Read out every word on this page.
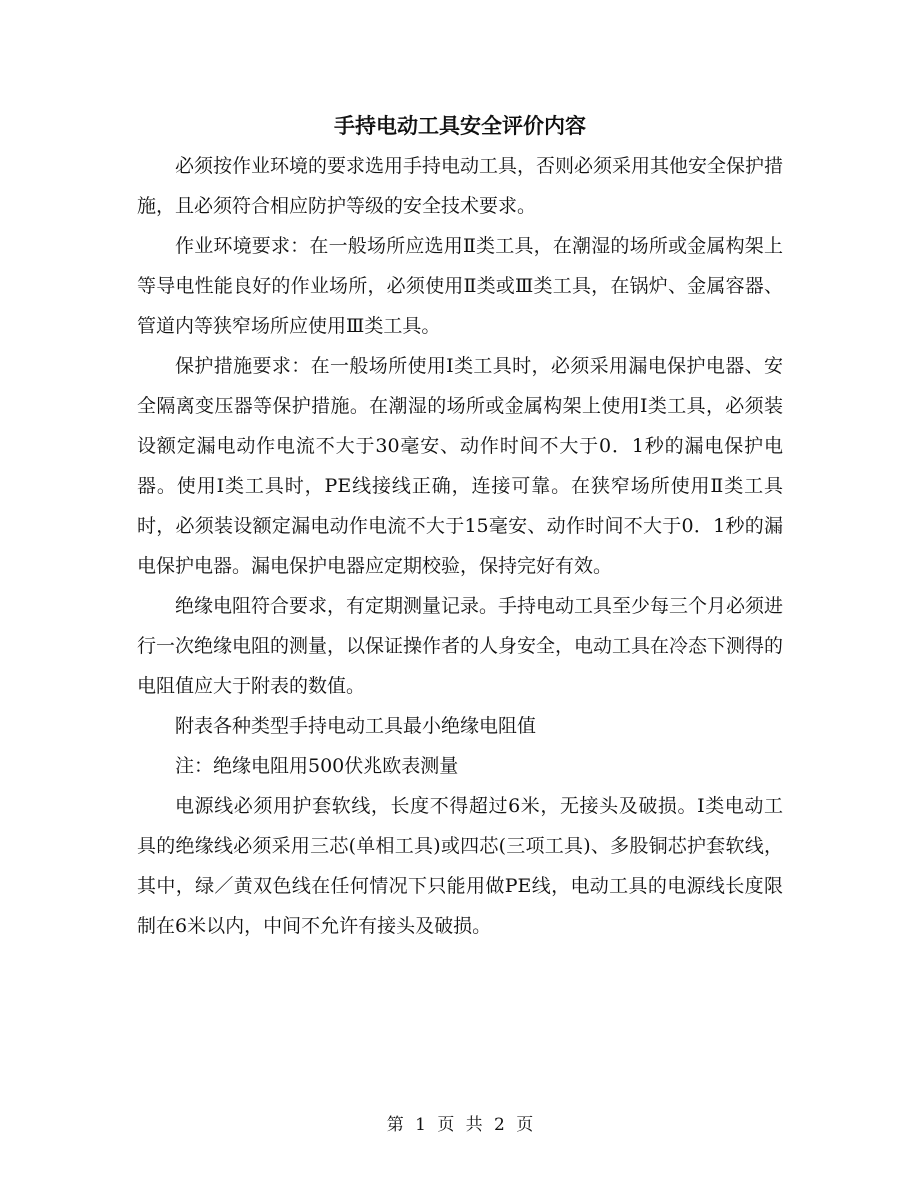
手持电动工具安全评价内容

必须按作业环境的要求选用手持电动工具，否则必须采用其他安全保护措施，且必须符合相应防护等级的安全技术要求。

作业环境要求：在一般场所应选用Ⅱ类工具，在潮湿的场所或金属构架上等导电性能良好的作业场所，必须使用Ⅱ类或Ⅲ类工具，在锅炉、金属容器、管道内等狭窄场所应使用Ⅲ类工具。

保护措施要求：在一般场所使用Ⅰ类工具时，必须采用漏电保护电器、安全隔离变压器等保护措施。在潮湿的场所或金属构架上使用Ⅰ类工具，必须装设额定漏电动作电流不大于30毫安、动作时间不大于0．1秒的漏电保护电器。使用Ⅰ类工具时，PE线接线正确，连接可靠。在狭窄场所使用Ⅱ类工具时，必须装设额定漏电动作电流不大于15毫安、动作时间不大于0．1秒的漏电保护电器。漏电保护电器应定期校验，保持完好有效。

绝缘电阻符合要求，有定期测量记录。手持电动工具至少每三个月必须进行一次绝缘电阻的测量，以保证操作者的人身安全，电动工具在冷态下测得的电阻值应大于附表的数值。

附表各种类型手持电动工具最小绝缘电阻值

注：绝缘电阻用500伏兆欧表测量

电源线必须用护套软线，长度不得超过6米，无接头及破损。Ⅰ类电动工具的绝缘线必须采用三芯(单相工具)或四芯(三项工具)、多股铜芯护套软线，其中，绿／黄双色线在任何情况下只能用做PE线，电动工具的电源线长度限制在6米以内，中间不允许有接头及破损。

第 1 页 共 2 页
